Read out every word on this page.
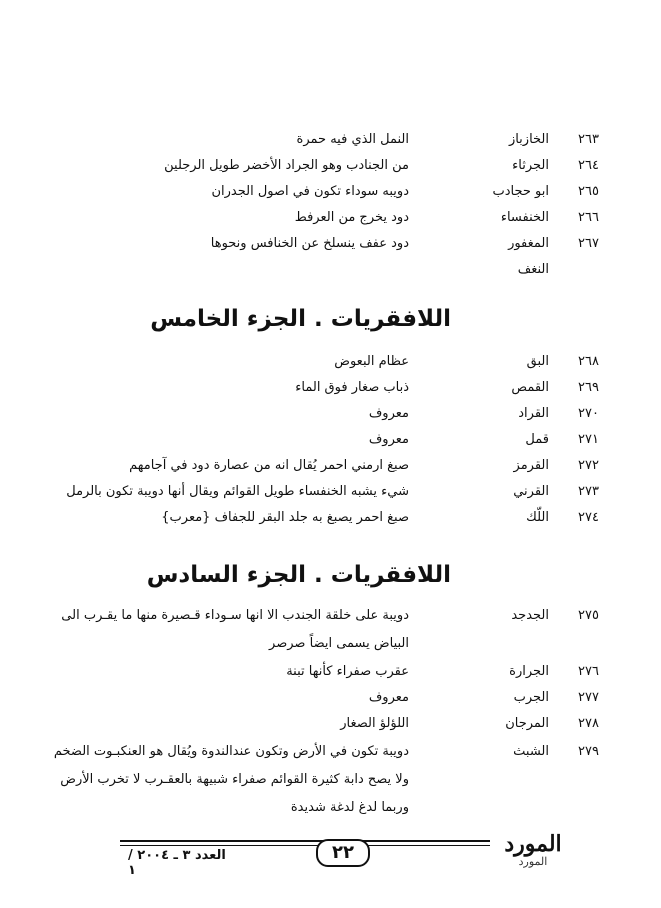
٢٦٣
الخازباز
النمل الذي فيه حمرة
٢٦٤
الجرثاء
من الجنادب وهو الجراد الأخضر طويل الرجلين
٢٦٥
ابو حجادب
دويبه سوداء تكون في اصول الجدران
٢٦٦
الخنفساء
دود يخرج من العرفط
٢٦٧
المغفور
دود عفف ينسلخ عن الخنافس ونحوها
النغف
اللافقريات . الجزء الخامس
٢٦٨
البق
عظام البعوض
٢٦٩
القمص
ذباب صغار فوق الماء
٢٧٠
القراد
معروف
٢٧١
قمل
معروف
٢٧٢
القرمز
صبغ ارمني احمر يُقال انه من عصارة دود في آجامهم
٢٧٣
القرني
شيء يشبه الخنفساء طويل القوائم ويقال أنها دويبة تكون بالرمل
٢٧٤
اللّك
صبغ احمر يصبغ به جلد البقر للجفاف {معرب}
اللافقريات . الجزء السادس
٢٧٥
الجدجد
دويبة على خلقة الجندب الا انها سـوداء قـصيرة منها ما يقـرب الى
البياض يسمى ايضاً صرصر
٢٧٦
الجرارة
عقرب صفراء كأنها تبنة
٢٧٧
الجرب
معروف
٢٧٨
المرجان
اللؤلؤ الصغار
٢٧٩
الشبث
دويبة تكون في الأرض وتكون عندالندوة ويُقال هو العنكبـوت الضخم
ولا يصح دابة كثيرة القوائم صفراء شبيهة بالعقـرب لا تخرب الأرض
وربما لدغ لدغة شديدة
العدد ٣ ـ ٢٠٠٤ / ١
٢٢	المورد
المورد
